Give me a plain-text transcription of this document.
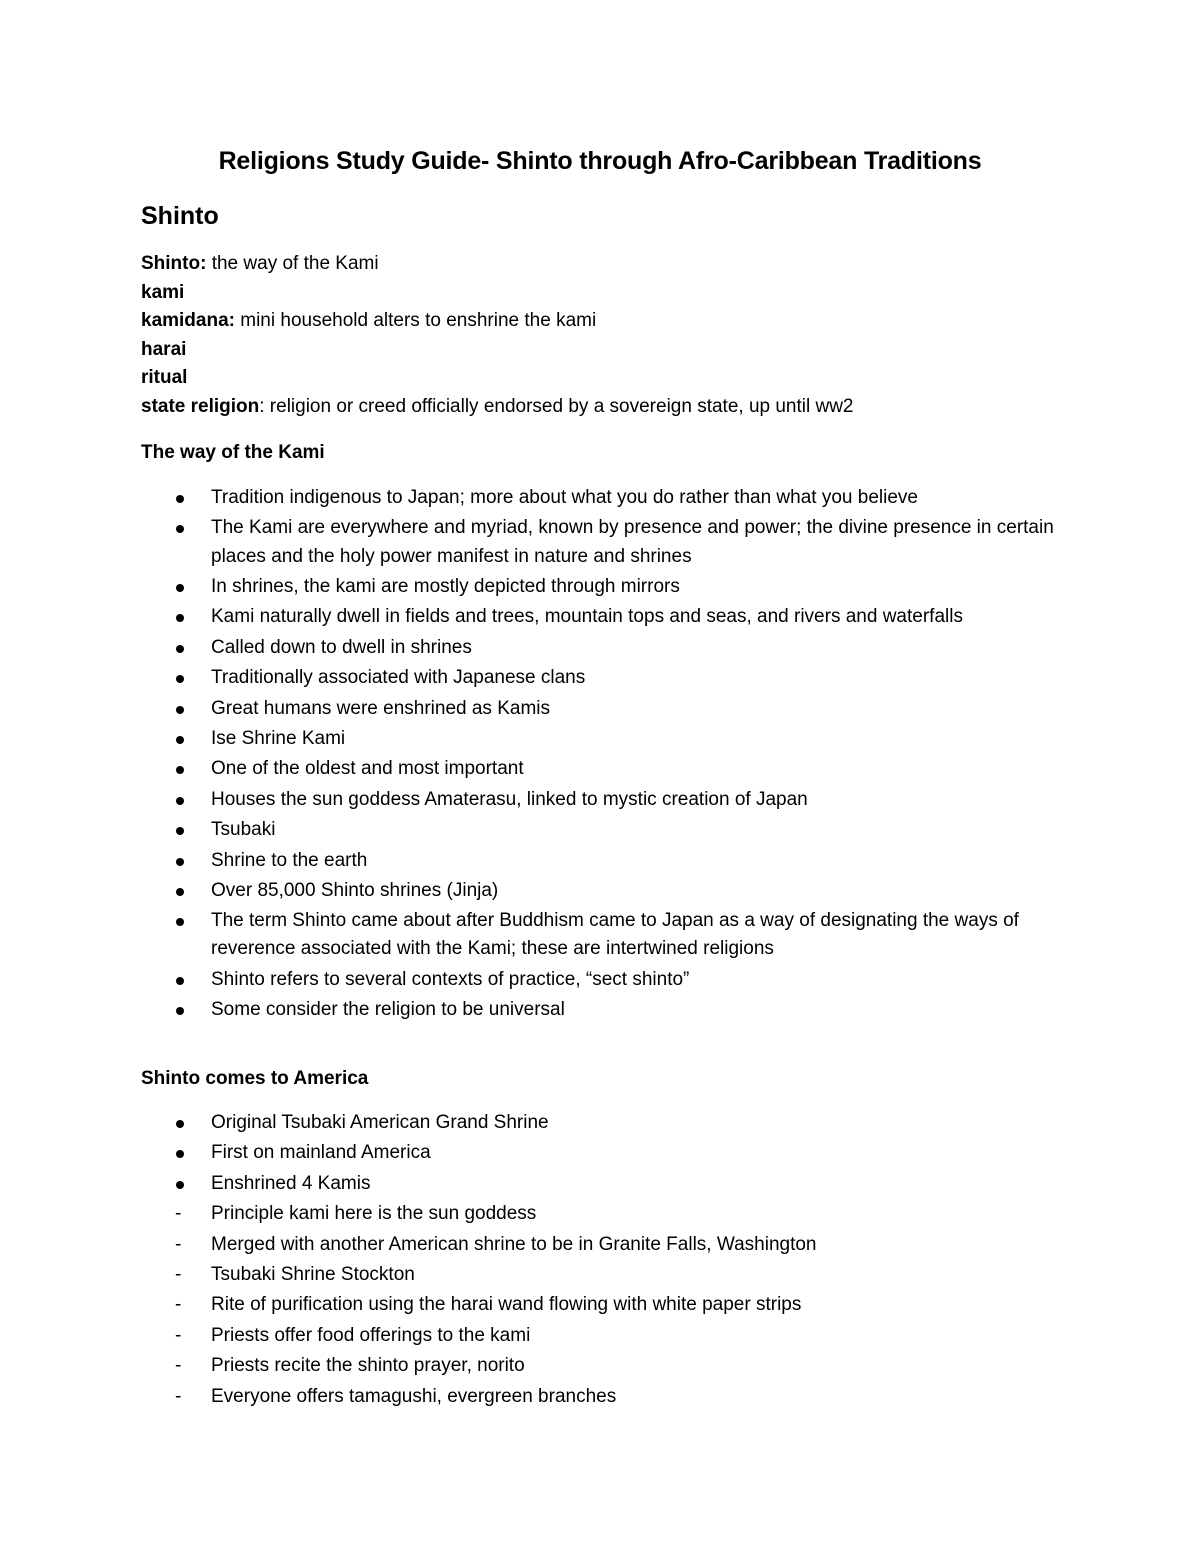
Religions Study Guide- Shinto through Afro-Caribbean Traditions
Shinto
Shinto: the way of the Kami
kami
kamidana: mini household alters to enshrine the kami
harai
ritual
state religion: religion or creed officially endorsed by a sovereign state, up until ww2
The way of the Kami
Tradition indigenous to Japan; more about what you do rather than what you believe
The Kami are everywhere and myriad, known by presence and power; the divine presence in certain places and the holy power manifest in nature and shrines
In shrines, the kami are mostly depicted through mirrors
Kami naturally dwell in fields and trees, mountain tops and seas, and rivers and waterfalls
Called down to dwell in shrines
Traditionally associated with Japanese clans
Great humans were enshrined as Kamis
Ise Shrine Kami
One of the oldest and most important
Houses the sun goddess Amaterasu, linked to mystic creation of Japan
Tsubaki
Shrine to the earth
Over 85,000 Shinto shrines (Jinja)
The term Shinto came about after Buddhism came to Japan as a way of designating the ways of reverence associated with the Kami; these are intertwined religions
Shinto refers to several contexts of practice, “sect shinto”
Some consider the religion to be universal
Shinto comes to America
Original Tsubaki American Grand Shrine
First on mainland America
Enshrined 4 Kamis
- Principle kami here is the sun goddess
- Merged with another American shrine to be in Granite Falls, Washington
- Tsubaki Shrine Stockton
- Rite of purification using the harai wand flowing with white paper strips
- Priests offer food offerings to the kami
- Priests recite the shinto prayer, norito
- Everyone offers tamagushi, evergreen branches
